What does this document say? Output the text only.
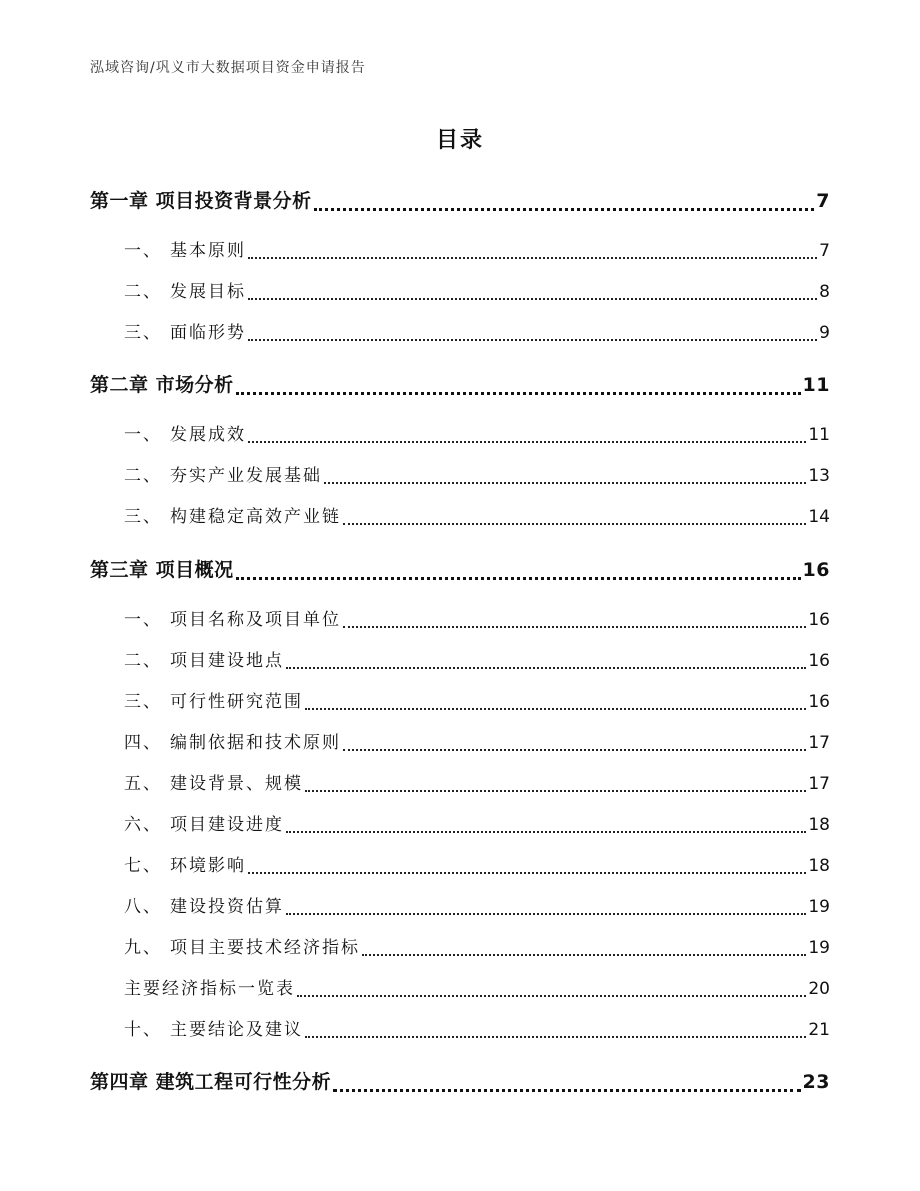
泓域咨询/巩义市大数据项目资金申请报告
目录
第一章 项目投资背景分析	7
一、 基本原则	7
二、 发展目标	8
三、 面临形势	9
第二章 市场分析	11
一、 发展成效	11
二、 夯实产业发展基础	13
三、 构建稳定高效产业链	14
第三章 项目概况	16
一、 项目名称及项目单位	16
二、 项目建设地点	16
三、 可行性研究范围	16
四、 编制依据和技术原则	17
五、 建设背景、规模	17
六、 项目建设进度	18
七、 环境影响	18
八、 建设投资估算	19
九、 项目主要技术经济指标	19
主要经济指标一览表	20
十、 主要结论及建议	21
第四章 建筑工程可行性分析	23
